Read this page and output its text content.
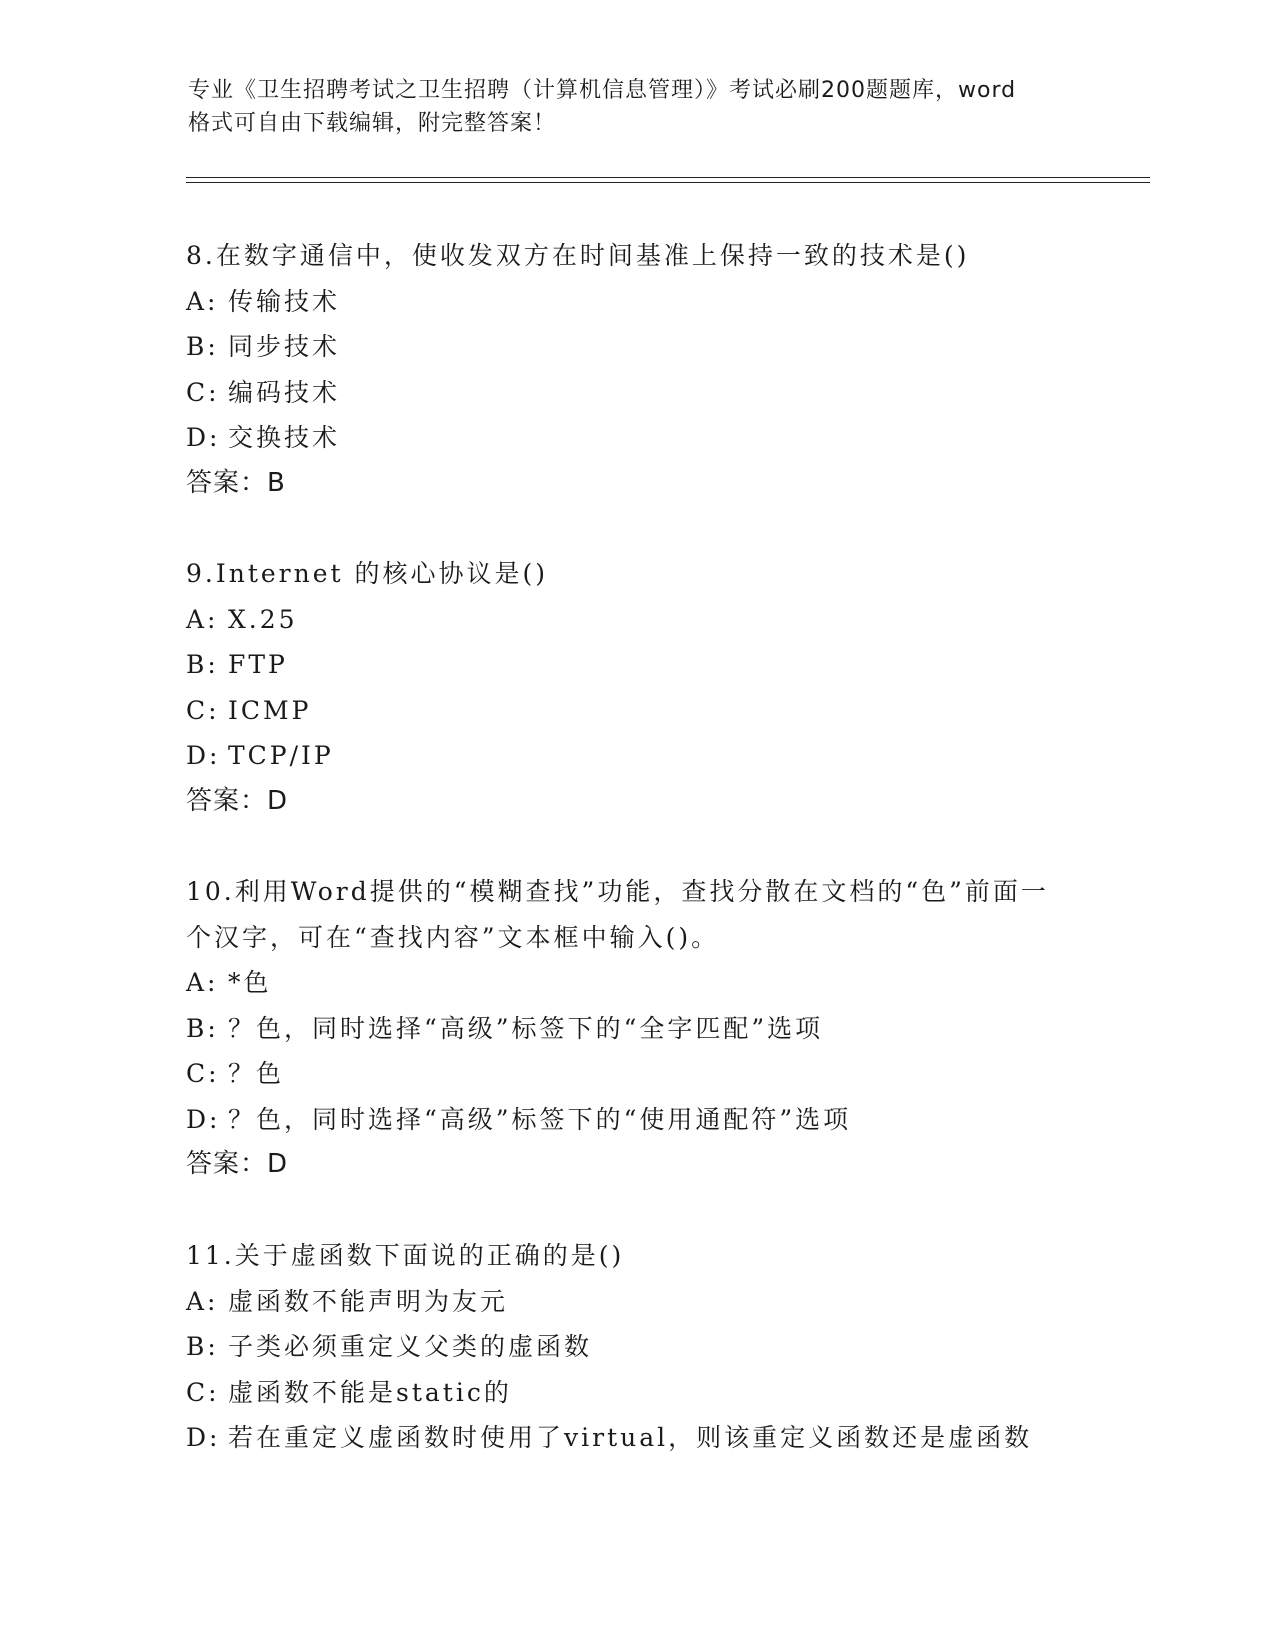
专业《卫生招聘考试之卫生招聘（计算机信息管理）》考试必刷200题题库，word
格式可自由下载编辑，附完整答案！
8.在数字通信中，使收发双方在时间基准上保持一致的技术是()
A: 传输技术
B: 同步技术
C: 编码技术
D: 交换技术
答案：B
9.Internet 的核心协议是()
A: X.25
B: FTP
C: ICMP
D: TCP/IP
答案：D
10.利用Word提供的“模糊查找”功能，查找分散在文档的“色”前面一个汉字，可在“查找内容”文本框中输入()。
A: *色
B: ？色，同时选择“高级”标签下的“全字匹配”选项
C: ？色
D: ？色，同时选择“高级”标签下的“使用通配符”选项
答案：D
11.关于虚函数下面说的正确的是()
A: 虚函数不能声明为友元
B: 子类必须重定义父类的虚函数
C: 虚函数不能是static的
D: 若在重定义虚函数时使用了virtual，则该重定义函数还是虚函数
